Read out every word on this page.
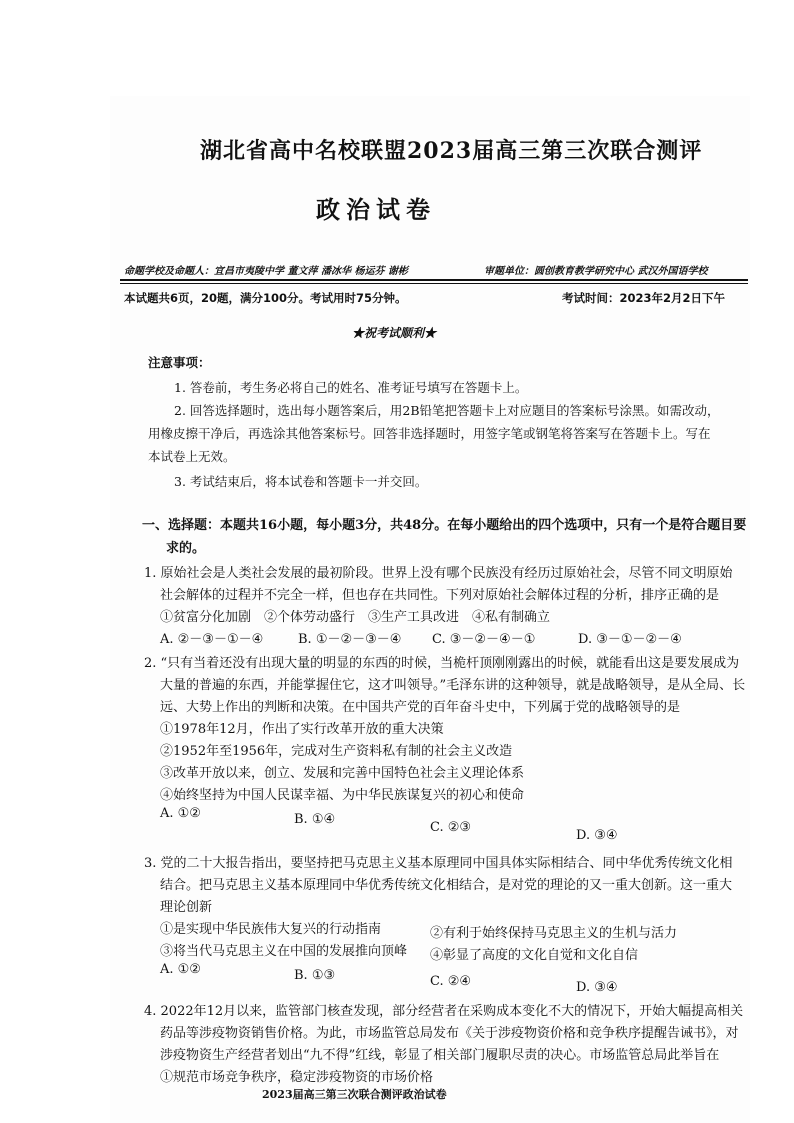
湖北省高中名校联盟2023届高三第三次联合测评
政治试卷
命题学校及命题人：宜昌市夷陵中学 董文萍 潘冰华 杨运芬 谢彬	审题单位：圆创教育教学研究中心 武汉外国语学校
本试题共6页，20题，满分100分。考试用时75分钟。	考试时间：2023年2月2日下午
★祝考试顺利★
注意事项：
1. 答卷前，考生务必将自己的姓名、准考证号填写在答题卡上。
2. 回答选择题时，选出每小题答案后，用2B铅笔把答题卡上对应题目的答案标号涂黑。如需改动，
用橡皮擦干净后，再选涂其他答案标号。回答非选择题时，用签字笔或钢笔将答案写在答题卡上。写在
本试卷上无效。
3. 考试结束后，将本试卷和答题卡一并交回。
一、选择题：本题共16小题，每小题3分，共48分。在每小题给出的四个选项中，只有一个是符合题目要
求的。
1. 原始社会是人类社会发展的最初阶段。世界上没有哪个民族没有经历过原始社会，尽管不同文明原始
社会解体的过程并不完全一样，但也存在共同性。下列对原始社会解体过程的分析，排序正确的是
①贫富分化加剧　②个体劳动盛行　③生产工具改进　④私有制确立
A. ②－③－①－④	B. ①－②－③－④ C. ③－②－④－①	D. ③－①－②－④
2. “只有当着还没有出现大量的明显的东西的时候，当桅杆顶刚刚露出的时候，就能看出这是要发展成为
大量的普遍的东西，并能掌握住它，这才叫领导。”毛泽东讲的这种领导，就是战略领导，是从全局、长
远、大势上作出的判断和决策。在中国共产党的百年奋斗史中，下列属于党的战略领导的是
①1978年12月，作出了实行改革开放的重大决策
②1952年至1956年，完成对生产资料私有制的社会主义改造
③改革开放以来，创立、发展和完善中国特色社会主义理论体系
④始终坚持为中国人民谋幸福、为中华民族谋复兴的初心和使命
A. ①②	B. ①④
C. ②③
D. ③④
3. 党的二十大报告指出，要坚持把马克思主义基本原理同中国具体实际相结合、同中华优秀传统文化相
结合。把马克思主义基本原理同中华优秀传统文化相结合，是对党的理论的又一重大创新。这一重大
理论创新
①是实现中华民族伟大复兴的行动指南	②有利于始终保持马克思主义的生机与活力
③将当代马克思主义在中国的发展推向顶峰 ④彰显了高度的文化自觉和文化自信
A. ①②	B. ①③	C. ②④	D. ③④
4. 2022年12月以来，监管部门核查发现，部分经营者在采购成本变化不大的情况下，开始大幅提高相关
药品等涉疫物资销售价格。为此，市场监管总局发布《关于涉疫物资价格和竞争秩序提醒告诫书》，对
涉疫物资生产经营者划出“九不得”红线，彰显了相关部门履职尽责的决心。市场监管总局此举旨在
①规范市场竞争秩序，稳定涉疫物资的市场价格
2023届高三第三次联合测评政治试卷
